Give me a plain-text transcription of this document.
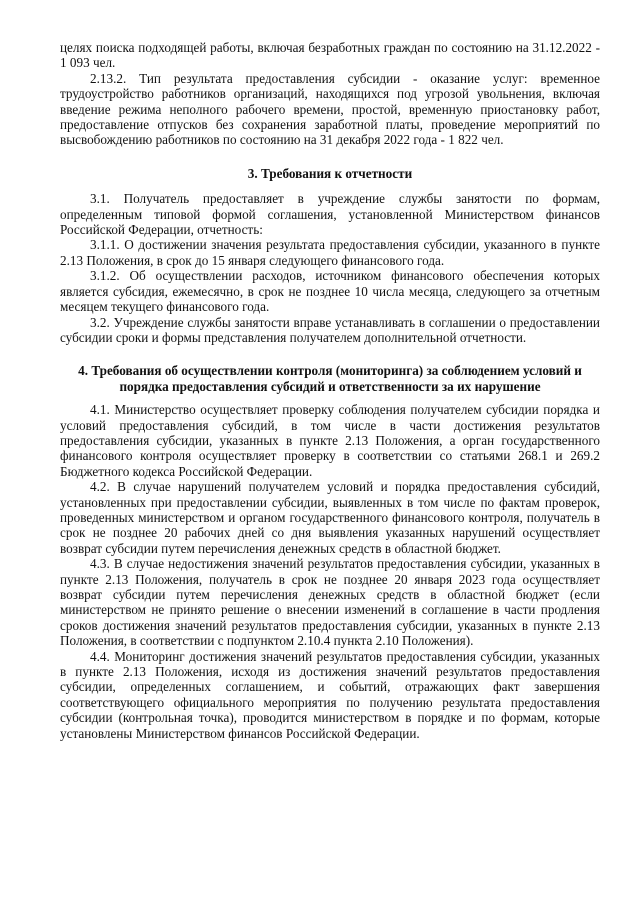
целях поиска подходящей работы, включая безработных граждан по состоянию на 31.12.2022 - 1 093 чел.

2.13.2. Тип результата предоставления субсидии - оказание услуг: временное трудоустройство работников организаций, находящихся под угрозой увольнения, включая введение режима неполного рабочего времени, простой, временную приостановку работ, предоставление отпусков без сохранения заработной платы, проведение мероприятий по высвобождению работников по состоянию на 31 декабря 2022 года - 1 822 чел.

3. Требования к отчетности

3.1. Получатель предоставляет в учреждение службы занятости по формам, определенным типовой формой соглашения, установленной Министерством финансов Российской Федерации, отчетность:

3.1.1. О достижении значения результата предоставления субсидии, указанного в пункте 2.13 Положения, в срок до 15 января следующего финансового года.

3.1.2. Об осуществлении расходов, источником финансового обеспечения которых является субсидия, ежемесячно, в срок не позднее 10 числа месяца, следующего за отчетным месяцем текущего финансового года.

3.2. Учреждение службы занятости вправе устанавливать в соглашении о предоставлении субсидии сроки и формы представления получателем дополнительной отчетности.

4. Требования об осуществлении контроля (мониторинга) за соблюдением условий и порядка предоставления субсидий и ответственности за их нарушение

4.1. Министерство осуществляет проверку соблюдения получателем субсидии порядка и условий предоставления субсидий, в том числе в части достижения результатов предоставления субсидии, указанных в пункте 2.13 Положения, а орган государственного финансового контроля осуществляет проверку в соответствии со статьями 268.1 и 269.2 Бюджетного кодекса Российской Федерации.

4.2. В случае нарушений получателем условий и порядка предоставления субсидий, установленных при предоставлении субсидии, выявленных в том числе по фактам проверок, проведенных министерством и органом государственного финансового контроля, получатель в срок не позднее 20 рабочих дней со дня выявления указанных нарушений осуществляет возврат субсидии путем перечисления денежных средств в областной бюджет.

4.3. В случае недостижения значений результатов предоставления субсидии, указанных в пункте 2.13 Положения, получатель в срок не позднее 20 января 2023 года осуществляет возврат субсидии путем перечисления денежных средств в областной бюджет (если министерством не принято решение о внесении изменений в соглашение в части продления сроков достижения значений результатов предоставления субсидии, указанных в пункте 2.13 Положения, в соответствии с подпунктом 2.10.4 пункта 2.10 Положения).

4.4. Мониторинг достижения значений результатов предоставления субсидии, указанных в пункте 2.13 Положения, исходя из достижения значений результатов предоставления субсидии, определенных соглашением, и событий, отражающих факт завершения соответствующего официального мероприятия по получению результата предоставления субсидии (контрольная точка), проводится министерством в порядке и по формам, которые установлены Министерством финансов Российской Федерации.
